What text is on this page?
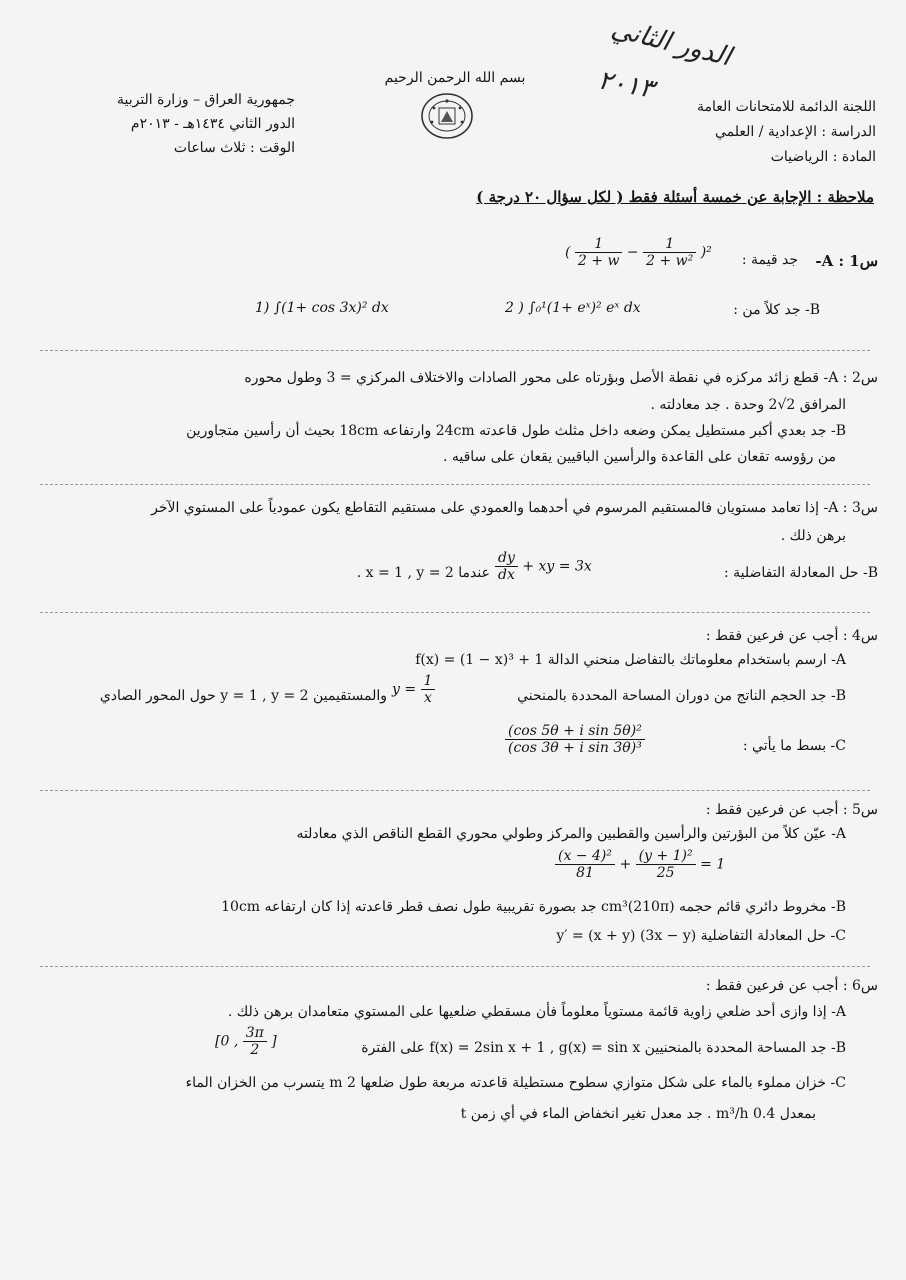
الدور الثاني
٢٠١٣
بسم الله الرحمن الرحيم
اللجنة الدائمة للامتحانات العامة
الدراسة : الإعدادية / العلمي
المادة : الرياضيات
جمهورية العراق – وزارة التربية
الدور الثاني ١٤٣٤هـ - ٢٠١٣م
الوقت : ثلاث ساعات
ملاحظة : الإجابة عن خمسة أسئلة فقط ( لكل سؤال ٢٠ درجة )
س1 : A-
جد قيمة :
( $\frac{1}{2 + w} - \frac{1}{\text{2 + w²}} )^2$
B- جد كلاً من :
1) ∫(1+ cos 3x)² dx	2 ) ∫₀¹(1+ eˣ)² eˣ dx
س2 : A- قطع زائد مركزه في نقطة الأصل وبؤرتاه على محور الصادات والاختلاف المركزي = 3 وطول محوره
المرافق 2√2 وحدة . جد معادلته .
B- جد بعدي أكبر مستطيل يمكن وضعه داخل مثلث طول قاعدته 24cm وارتفاعه 18cm بحيث أن رأسين متجاورين
من رؤوسه تقعان على القاعدة والرأسين الباقيين يقعان على ساقيه .
س3 : A- إذا تعامد مستويان فالمستقيم المرسوم في أحدهما والعمودي على مستقيم التقاطع يكون عمودياً على المستوي الآخر
برهن ذلك .
B- حل المعادلة التفاضلية :
$\frac{dy}{dx}$ + xy = 3x
عندما x = 1 , y = 2 .
س4 : أجب عن فرعين فقط :
A- ارسم باستخدام معلوماتك بالتفاضل منحني الدالة f(x) = (1 − x)³ + 1
B- جد الحجم الناتج من دوران المساحة المحددة بالمنحني
$y = \frac{1}{x}$
والمستقيمين y = 1 , y = 2 حول المحور الصادي
C- بسط ما يأتي :
$\frac{\text{(cos 5θ + i sin 5θ)²}}{\text{(cos 3θ + i sin 3θ)³}}$
س5 : أجب عن فرعين فقط :
A- عيّن كلاً من البؤرتين والرأسين والقطبين والمركز وطولي محوري القطع الناقص الذي معادلته
$\frac{\text{(x − 4)²}}{81} + \frac{\text{(y + 1)²}}{25} = 1$
B- مخروط دائري قائم حجمه (210π)cm³ جد بصورة تقريبية طول نصف قطر قاعدته إذا كان ارتفاعه 10cm
C- حل المعادلة التفاضلية (3x − y) y′ = (x + y)
س6 : أجب عن فرعين فقط :
A- إذا وازى أحد ضلعي زاوية قائمة مستوياً معلوماً فأن مسقطي ضلعيها على المستوي متعامدان برهن ذلك .
B- جد المساحة المحددة بالمنحنيين f(x) = 2sin x + 1 , g(x) = sin x على الفترة
[0 , $\frac{3\pi}{2}$ ]
C- خزان مملوء بالماء على شكل متوازي سطوح مستطيلة قاعدته مربعة طول ضلعها 2 m يتسرب من الخزان الماء
بمعدل 0.4 m³/h . جد معدل تغير انخفاض الماء في أي زمن t
